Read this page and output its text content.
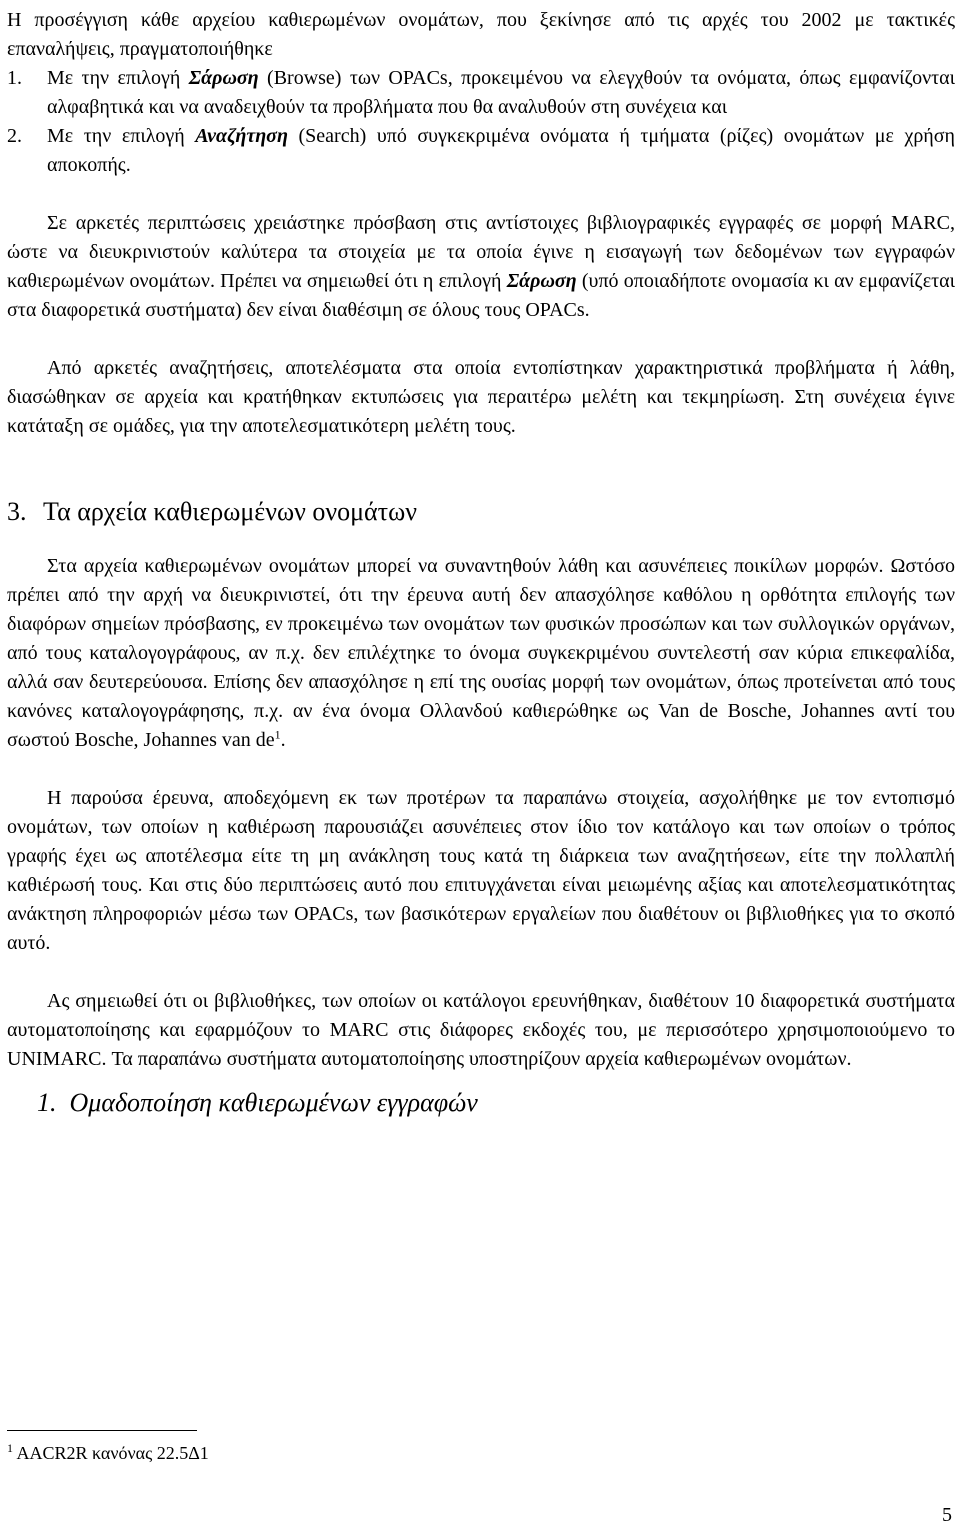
Η προσέγγιση κάθε αρχείου καθιερωμένων ονομάτων, που ξεκίνησε από τις αρχές του 2002 με τακτικές επαναλήψεις, πραγματοποιήθηκε

1. Με την επιλογή Σάρωση (Browse) των OPACs, προκειμένου να ελεγχθούν τα ονόματα, όπως εμφανίζονται αλφαβητικά και να αναδειχθούν τα προβλήματα που θα αναλυθούν στη συνέχεια και

2. Με την επιλογή Αναζήτηση (Search) υπό συγκεκριμένα ονόματα ή τμήματα (ρίζες) ονομάτων με χρήση αποκοπής.

Σε αρκετές περιπτώσεις χρειάστηκε πρόσβαση στις αντίστοιχες βιβλιογραφικές εγγραφές σε μορφή MARC, ώστε να διευκρινιστούν καλύτερα τα στοιχεία με τα οποία έγινε η εισαγωγή των δεδομένων των εγγραφών καθιερωμένων ονομάτων. Πρέπει να σημειωθεί ότι η επιλογή Σάρωση (υπό οποιαδήποτε ονομασία κι αν εμφανίζεται στα διαφορετικά συστήματα) δεν είναι διαθέσιμη σε όλους τους OPACs.

Από αρκετές αναζητήσεις, αποτελέσματα στα οποία εντοπίστηκαν χαρακτηριστικά προβλήματα ή λάθη, διασώθηκαν σε αρχεία και κρατήθηκαν εκτυπώσεις για περαιτέρω μελέτη και τεκμηρίωση. Στη συνέχεια έγινε κατάταξη σε ομάδες, για την αποτελεσματικότερη μελέτη τους.

3. Τα αρχεία καθιερωμένων ονομάτων

Στα αρχεία καθιερωμένων ονομάτων μπορεί να συναντηθούν λάθη και ασυνέπειες ποικίλων μορφών. Ωστόσο πρέπει από την αρχή να διευκρινιστεί, ότι την έρευνα αυτή δεν απασχόλησε καθόλου η ορθότητα επιλογής των διαφόρων σημείων πρόσβασης, εν προκειμένω των ονομάτων των φυσικών προσώπων και των συλλογικών οργάνων, από τους καταλογογράφους, αν π.χ. δεν επιλέχτηκε το όνομα συγκεκριμένου συντελεστή σαν κύρια επικεφαλίδα, αλλά σαν δευτερεύουσα. Επίσης δεν απασχόλησε η επί της ουσίας μορφή των ονομάτων, όπως προτείνεται από τους κανόνες καταλογογράφησης, π.χ. αν ένα όνομα Ολλανδού καθιερώθηκε ως Van de Bosche, Johannes αντί του σωστού Bosche, Johannes van $de^1$.

Η παρούσα έρευνα, αποδεχόμενη εκ των προτέρων τα παραπάνω στοιχεία, ασχολήθηκε με τον εντοπισμό ονομάτων, των οποίων η καθιέρωση παρουσιάζει ασυνέπειες στον ίδιο τον κατάλογο και των οποίων ο τρόπος γραφής έχει ως αποτέλεσμα είτε τη μη ανάκληση τους κατά τη διάρκεια των αναζητήσεων, είτε την πολλαπλή καθιέρωσή τους. Και στις δύο περιπτώσεις αυτό που επιτυγχάνεται είναι μειωμένης αξίας και αποτελεσματικότητας ανάκτηση πληροφοριών μέσω των OPACs, των βασικότερων εργαλείων που διαθέτουν οι βιβλιοθήκες για το σκοπό αυτό.

Ας σημειωθεί ότι οι βιβλιοθήκες, των οποίων οι κατάλογοι ερευνήθηκαν, διαθέτουν 10 διαφορετικά συστήματα αυτοματοποίησης και εφαρμόζουν το MARC στις διάφορες εκδοχές του, με περισσότερο χρησιμοποιούμενο το UNIMARC. Τα παραπάνω συστήματα αυτοματοποίησης υποστηρίζουν αρχεία καθιερωμένων ονομάτων.

1. Ομαδοποίηση καθιερωμένων εγγραφών
$^1$ AACR2R κανόνας 22.5Δ1
5
